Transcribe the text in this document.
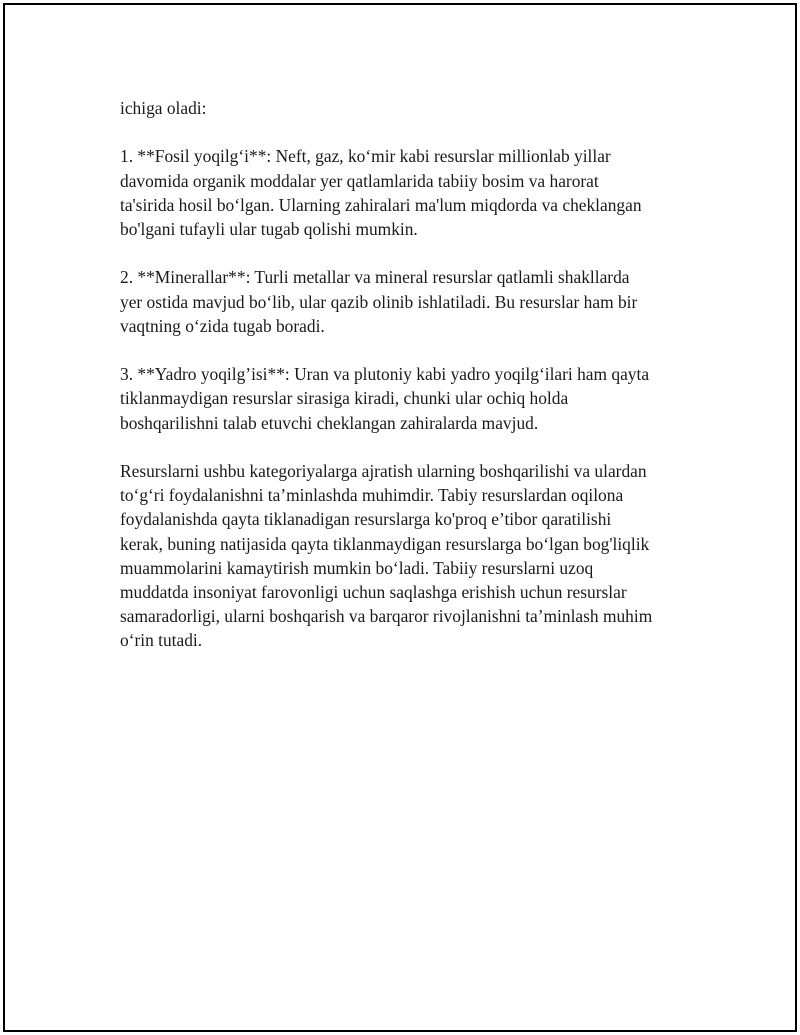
ichiga oladi:

1. **Fosil yoqilg‘i**: Neft, gaz, ko‘mir kabi resurslar millionlab yillar
davomida organik moddalar yer qatlamlarida tabiiy bosim va harorat
ta'sirida hosil bo‘lgan. Ularning zahiralari ma'lum miqdorda va cheklangan
bo'lgani tufayli ular tugab qolishi mumkin.

2. **Minerallar**: Turli metallar va mineral resurslar qatlamli shakllarda
yer ostida mavjud bo‘lib, ular qazib olinib ishlatiladi. Bu resurslar ham bir
vaqtning o‘zida tugab boradi.

3. **Yadro yoqilg’isi**: Uran va plutoniy kabi yadro yoqilg‘ilari ham qayta
tiklanmaydigan resurslar sirasiga kiradi, chunki ular ochiq holda
boshqarilishni talab etuvchi cheklangan zahiralarda mavjud.

Resurslarni ushbu kategoriyalarga ajratish ularning boshqarilishi va ulardan
to‘g‘ri foydalanishni ta’minlashda muhimdir. Tabiy resurslardan oqilona
foydalanishda qayta tiklanadigan resurslarga ko'proq e’tibor qaratilishi
kerak, buning natijasida qayta tiklanmaydigan resurslarga bo‘lgan bog'liqlik
muammolarini kamaytirish mumkin bo‘ladi. Tabiiy resurslarni uzoq
muddatda insoniyat farovonligi uchun saqlashga erishish uchun resurslar
samaradorligi, ularni boshqarish va barqaror rivojlanishni ta’minlash muhim
o‘rin tutadi.
